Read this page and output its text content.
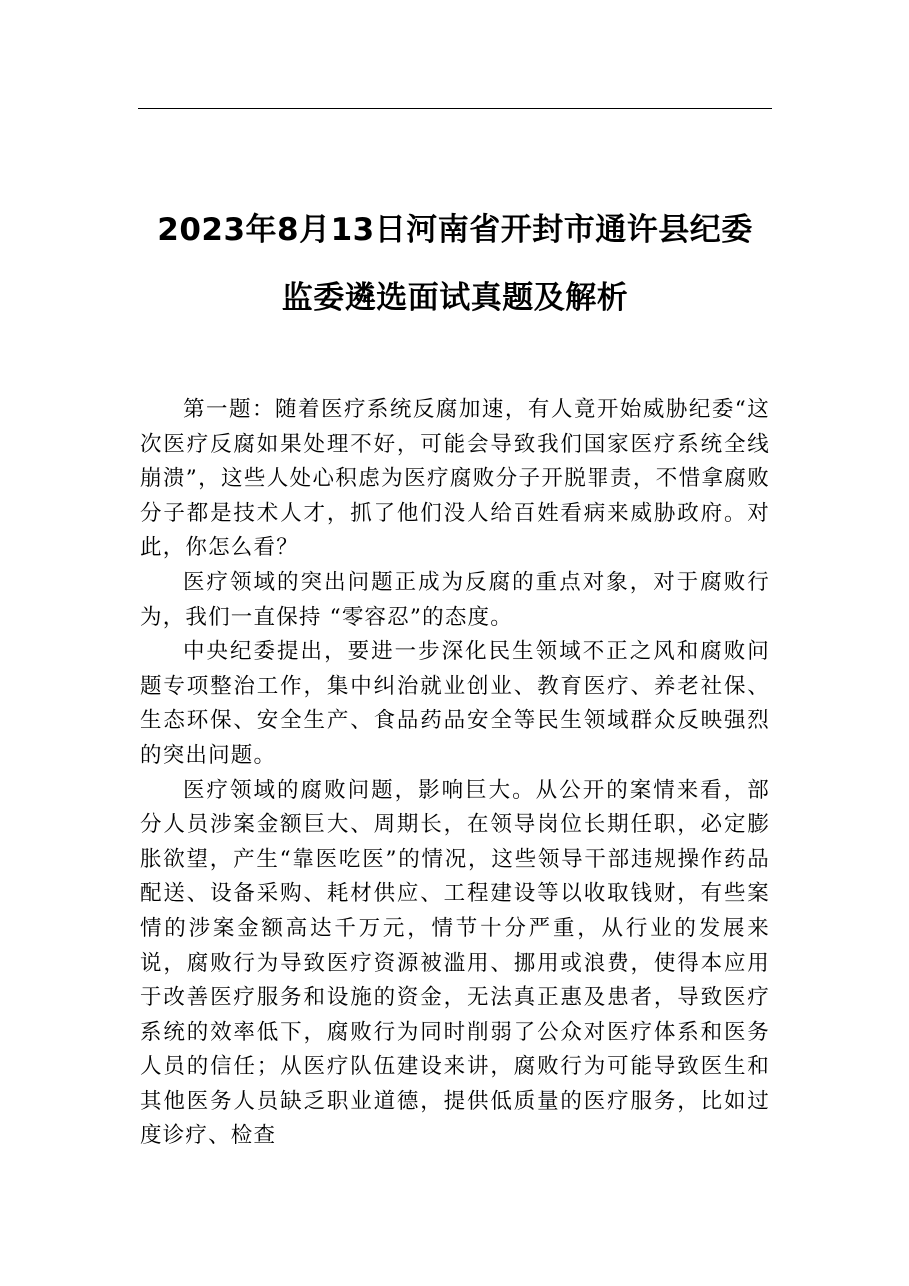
2023年8月13日河南省开封市通许县纪委
监委遴选面试真题及解析

第一题：随着医疗系统反腐加速，有人竟开始威胁纪委“这次医疗反腐如果处理不好，可能会导致我们国家医疗系统全线崩溃”，这些人处心积虑为医疗腐败分子开脱罪责，不惜拿腐败分子都是技术人才，抓了他们没人给百姓看病来威胁政府。对此，你怎么看？

医疗领域的突出问题正成为反腐的重点对象，对于腐败行为，我们一直保持 “零容忍”的态度。

中央纪委提出，要进一步深化民生领域不正之风和腐败问题专项整治工作，集中纠治就业创业、教育医疗、养老社保、生态环保、安全生产、食品药品安全等民生领域群众反映强烈的突出问题。

医疗领域的腐败问题，影响巨大。从公开的案情来看，部分人员涉案金额巨大、周期长，在领导岗位长期任职，必定膨胀欲望，产生“靠医吃医”的情况，这些领导干部违规操作药品配送、设备采购、耗材供应、工程建设等以收取钱财，有些案情的涉案金额高达千万元，情节十分严重，从行业的发展来说，腐败行为导致医疗资源被滥用、挪用或浪费，使得本应用于改善医疗服务和设施的资金，无法真正惠及患者，导致医疗系统的效率低下，腐败行为同时削弱了公众对医疗体系和医务人员的信任；从医疗队伍建设来讲，腐败行为可能导致医生和其他医务人员缺乏职业道德，提供低质量的医疗服务，比如过度诊疗、检查
